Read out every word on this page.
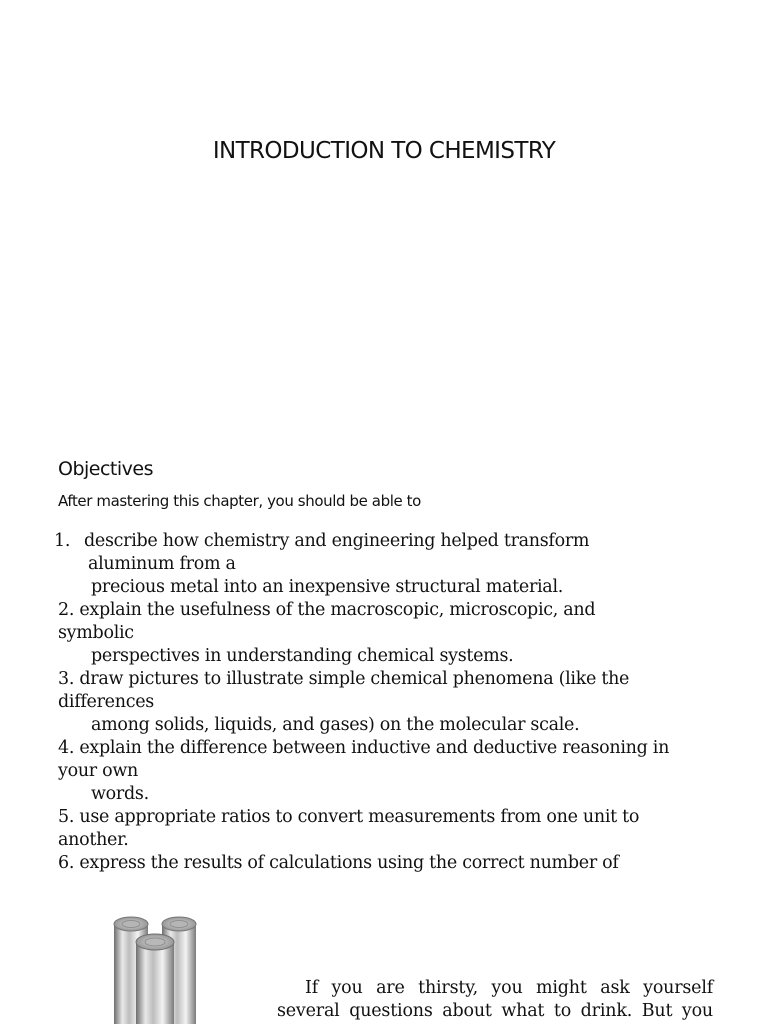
INTRODUCTION TO CHEMISTRY
Objectives
After mastering this chapter, you should be able to
1. describe how chemistry and engineering helped transform
aluminum from a
precious metal into an inexpensive structural material.
2. explain the usefulness of the macroscopic, microscopic, and
symbolic
perspectives in understanding chemical systems.
3. draw pictures to illustrate simple chemical phenomena (like the
differences
among solids, liquids, and gases) on the molecular scale.
4. explain the difference between inductive and deductive reasoning in
your own
words.
5. use appropriate ratios to convert measurements from one unit to
another.
6. express the results of calculations using the correct number of
If you are thirsty, you might ask yourself
several questions about what to drink. But you
